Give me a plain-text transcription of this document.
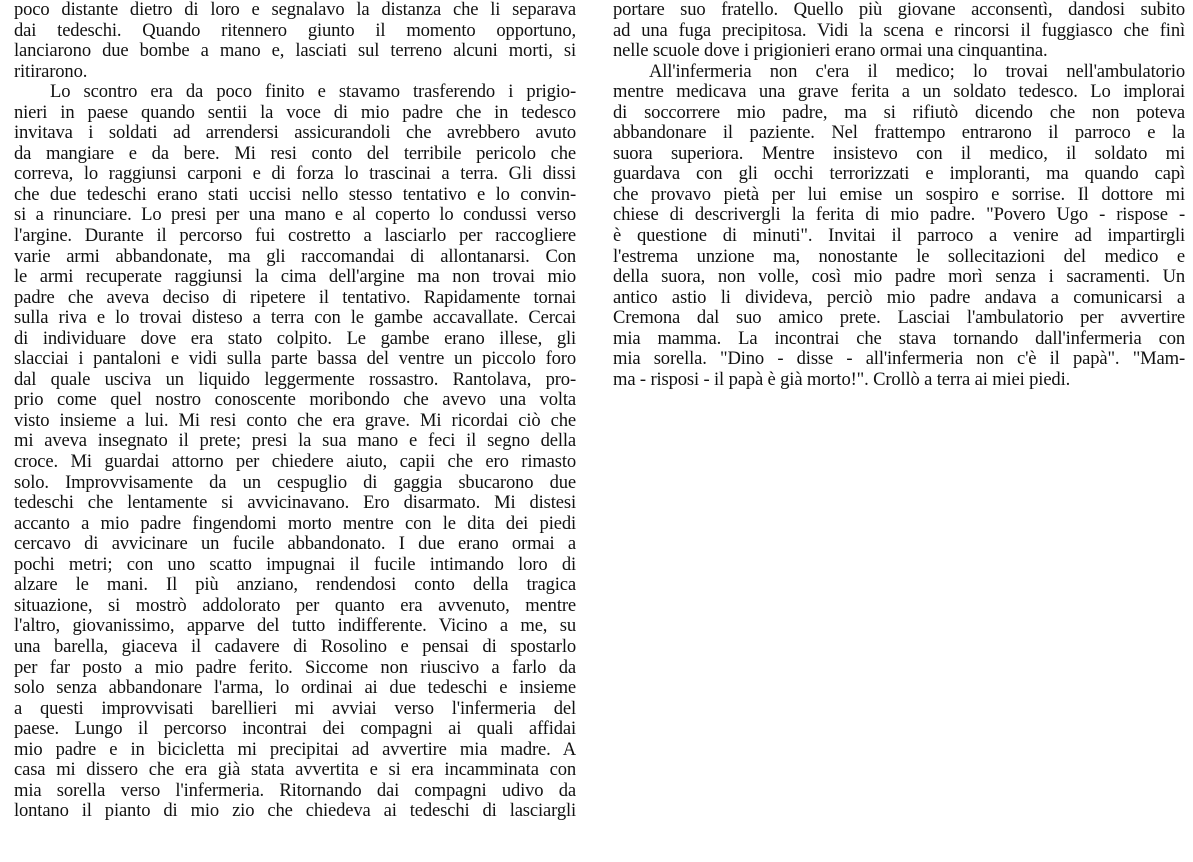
poco distante dietro di loro e segnalavo la distanza che li separava
dai tedeschi. Quando ritennero giunto il momento opportuno,
lanciarono due bombe a mano e, lasciati sul terreno alcuni morti, si
ritirarono.
Lo scontro era da poco finito e stavamo trasferendo i prigio-
nieri in paese quando sentii la voce di mio padre che in tedesco
invitava i soldati ad arrendersi assicurandoli che avrebbero avuto
da mangiare e da bere. Mi resi conto del terribile pericolo che
correva, lo raggiunsi carponi e di forza lo trascinai a terra. Gli dissi
che due tedeschi erano stati uccisi nello stesso tentativo e lo convin-
si a rinunciare. Lo presi per una mano e al coperto lo condussi verso
l'argine. Durante il percorso fui costretto a lasciarlo per raccogliere
varie armi abbandonate, ma gli raccomandai di allontanarsi. Con
le armi recuperate raggiunsi la cima dell'argine ma non trovai mio
padre che aveva deciso di ripetere il tentativo. Rapidamente tornai
sulla riva e lo trovai disteso a terra con le gambe accavallate. Cercai
di individuare dove era stato colpito. Le gambe erano illese, gli
slacciai i pantaloni e vidi sulla parte bassa del ventre un piccolo foro
dal quale usciva un liquido leggermente rossastro. Rantolava, pro-
prio come quel nostro conoscente moribondo che avevo una volta
visto insieme a lui. Mi resi conto che era grave. Mi ricordai ciò che
mi aveva insegnato il prete; presi la sua mano e feci il segno della
croce. Mi guardai attorno per chiedere aiuto, capii che ero rimasto
solo. Improvvisamente da un cespuglio di gaggia sbucarono due
tedeschi che lentamente si avvicinavano. Ero disarmato. Mi distesi
accanto a mio padre fingendomi morto mentre con le dita dei piedi
cercavo di avvicinare un fucile abbandonato. I due erano ormai a
pochi metri; con uno scatto impugnai il fucile intimando loro di
alzare le mani. Il più anziano, rendendosi conto della tragica
situazione, si mostrò addolorato per quanto era avvenuto, mentre
l'altro, giovanissimo, apparve del tutto indifferente. Vicino a me, su
una barella, giaceva il cadavere di Rosolino e pensai di spostarlo
per far posto a mio padre ferito. Siccome non riuscivo a farlo da
solo senza abbandonare l'arma, lo ordinai ai due tedeschi e insieme
a questi improvvisati barellieri mi avviai verso l'infermeria del
paese. Lungo il percorso incontrai dei compagni ai quali affidai
mio padre e in bicicletta mi precipitai ad avvertire mia madre. A
casa mi dissero che era già stata avvertita e si era incamminata con
mia sorella verso l'infermeria. Ritornando dai compagni udivo da
lontano il pianto di mio zio che chiedeva ai tedeschi di lasciargli
portare suo fratello. Quello più giovane acconsentì, dandosi subito
ad una fuga precipitosa. Vidi la scena e rincorsi il fuggiasco che finì
nelle scuole dove i prigionieri erano ormai una cinquantina.
All'infermeria non c'era il medico; lo trovai nell'ambulatorio
mentre medicava una grave ferita a un soldato tedesco. Lo implorai
di soccorrere mio padre, ma si rifiutò dicendo che non poteva
abbandonare il paziente. Nel frattempo entrarono il parroco e la
suora superiora. Mentre insistevo con il medico, il soldato mi
guardava con gli occhi terrorizzati e imploranti, ma quando capì
che provavo pietà per lui emise un sospiro e sorrise. Il dottore mi
chiese di descrivergli la ferita di mio padre. "Povero Ugo - rispose -
è questione di minuti". Invitai il parroco a venire ad impartirgli
l'estrema unzione ma, nonostante le sollecitazioni del medico e
della suora, non volle, così mio padre morì senza i sacramenti. Un
antico astio li divideva, perciò mio padre andava a comunicarsi a
Cremona dal suo amico prete. Lasciai l'ambulatorio per avvertire
mia mamma. La incontrai che stava tornando dall'infermeria con
mia sorella. "Dino - disse - all'infermeria non c'è il papà". "Mam-
ma - risposi - il papà è già morto!". Crollò a terra ai miei piedi.
